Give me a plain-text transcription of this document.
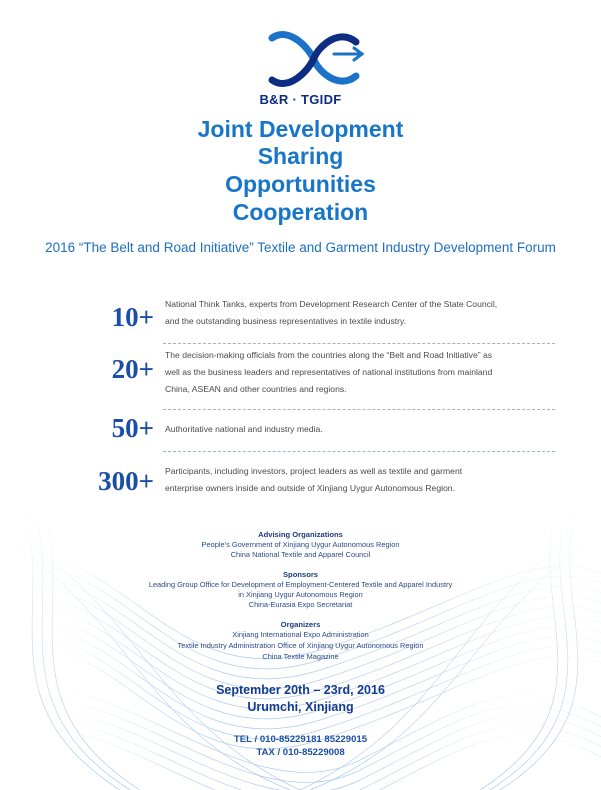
B&R · TGIDF
Joint Development
Sharing
Opportunities
Cooperation
2016 “The Belt and Road Initiative” Textile and Garment Industry Development Forum
10+ National Think Tanks, experts from Development Research Center of the State Council,
and the outstanding business representatives in textile industry.
20+ The decision-making officials from the countries along the “Belt and Road Initiative” as
well as the business leaders and representatives of national institutions from mainland
China, ASEAN and other countries and regions.
50+ Authoritative national and industry media.
300+ Participants, including investors, project leaders as well as textile and garment
enterprise owners inside and outside of Xinjiang Uygur Autonomous Region.
Advising Organizations
People’s Government of Xinjiang Uygur Autonomous Region
China National Textile and Apparel Council
Sponsors
Leading Group Office for Development of Employment-Centered Textile and Apparel Industry
in Xinjiang Uygur Autonomous Region
China-Eurasia Expo Secretariat
Organizers
Xinjiang International Expo Administration
Textile Industry Administration Office of Xinjiang Uygur Autonomous Region
China Textile Magazine
September 20th – 23rd, 2016
Urumchi, Xinjiang
TEL / 010-85229181 85229015
TAX / 010-85229008
